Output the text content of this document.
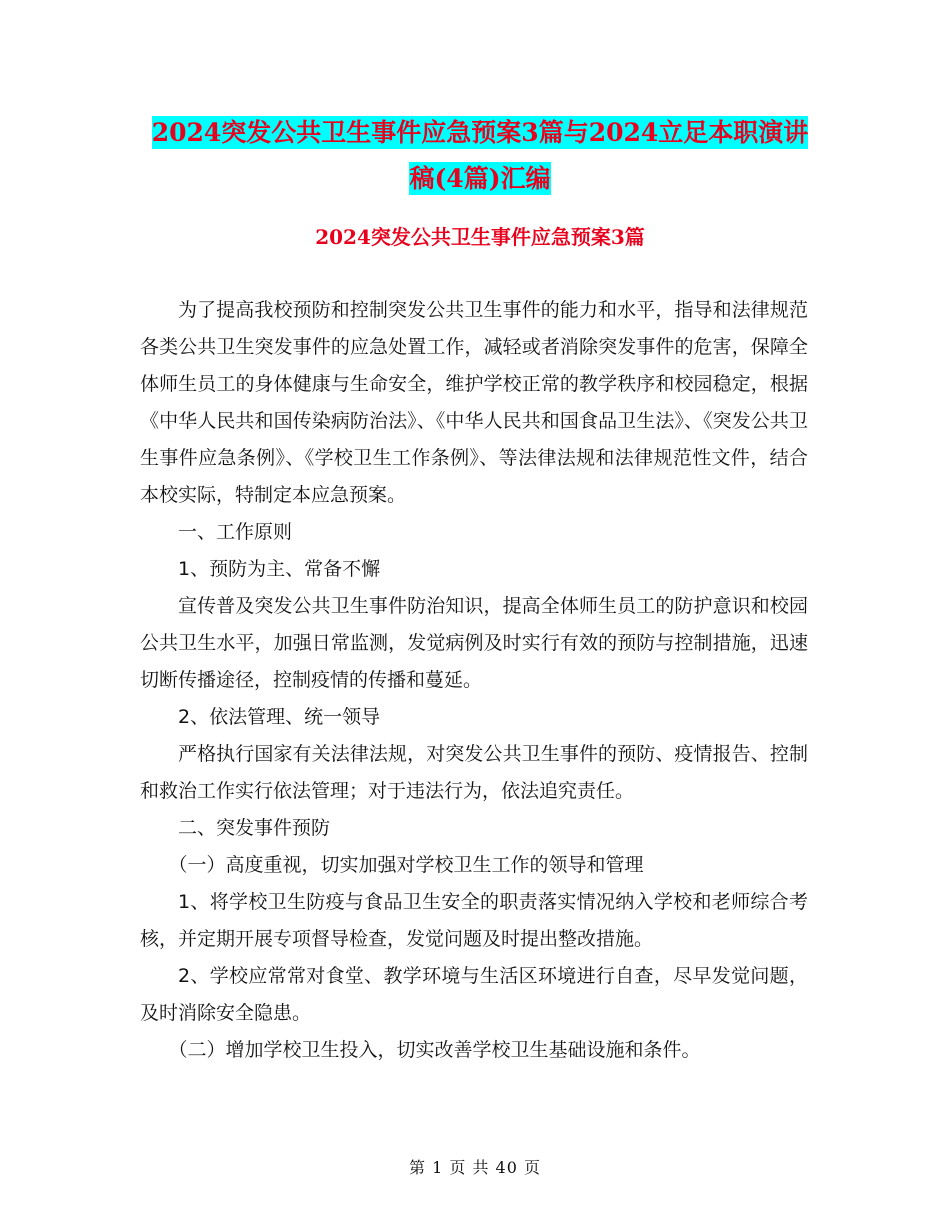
2024突发公共卫生事件应急预案3篇与2024立足本职演讲稿(4篇)汇编
2024突发公共卫生事件应急预案3篇

为了提高我校预防和控制突发公共卫生事件的能力和水平，指导和法律规范各类公共卫生突发事件的应急处置工作，减轻或者消除突发事件的危害，保障全体师生员工的身体健康与生命安全，维护学校正常的教学秩序和校园稳定，根据《中华人民共和国传染病防治法》、《中华人民共和国食品卫生法》、《突发公共卫生事件应急条例》、《学校卫生工作条例》、等法律法规和法律规范性文件，结合本校实际，特制定本应急预案。

一、工作原则

1、预防为主、常备不懈

宣传普及突发公共卫生事件防治知识，提高全体师生员工的防护意识和校园公共卫生水平，加强日常监测，发觉病例及时实行有效的预防与控制措施，迅速切断传播途径，控制疫情的传播和蔓延。

2、依法管理、统一领导

严格执行国家有关法律法规，对突发公共卫生事件的预防、疫情报告、控制和救治工作实行依法管理；对于违法行为，依法追究责任。

二、突发事件预防

（一）高度重视，切实加强对学校卫生工作的领导和管理

1、将学校卫生防疫与食品卫生安全的职责落实情况纳入学校和老师综合考核，并定期开展专项督导检查，发觉问题及时提出整改措施。

2、学校应常常对食堂、教学环境与生活区环境进行自查，尽早发觉问题，及时消除安全隐患。

（二）增加学校卫生投入，切实改善学校卫生基础设施和条件。

第 1 页 共 40 页
